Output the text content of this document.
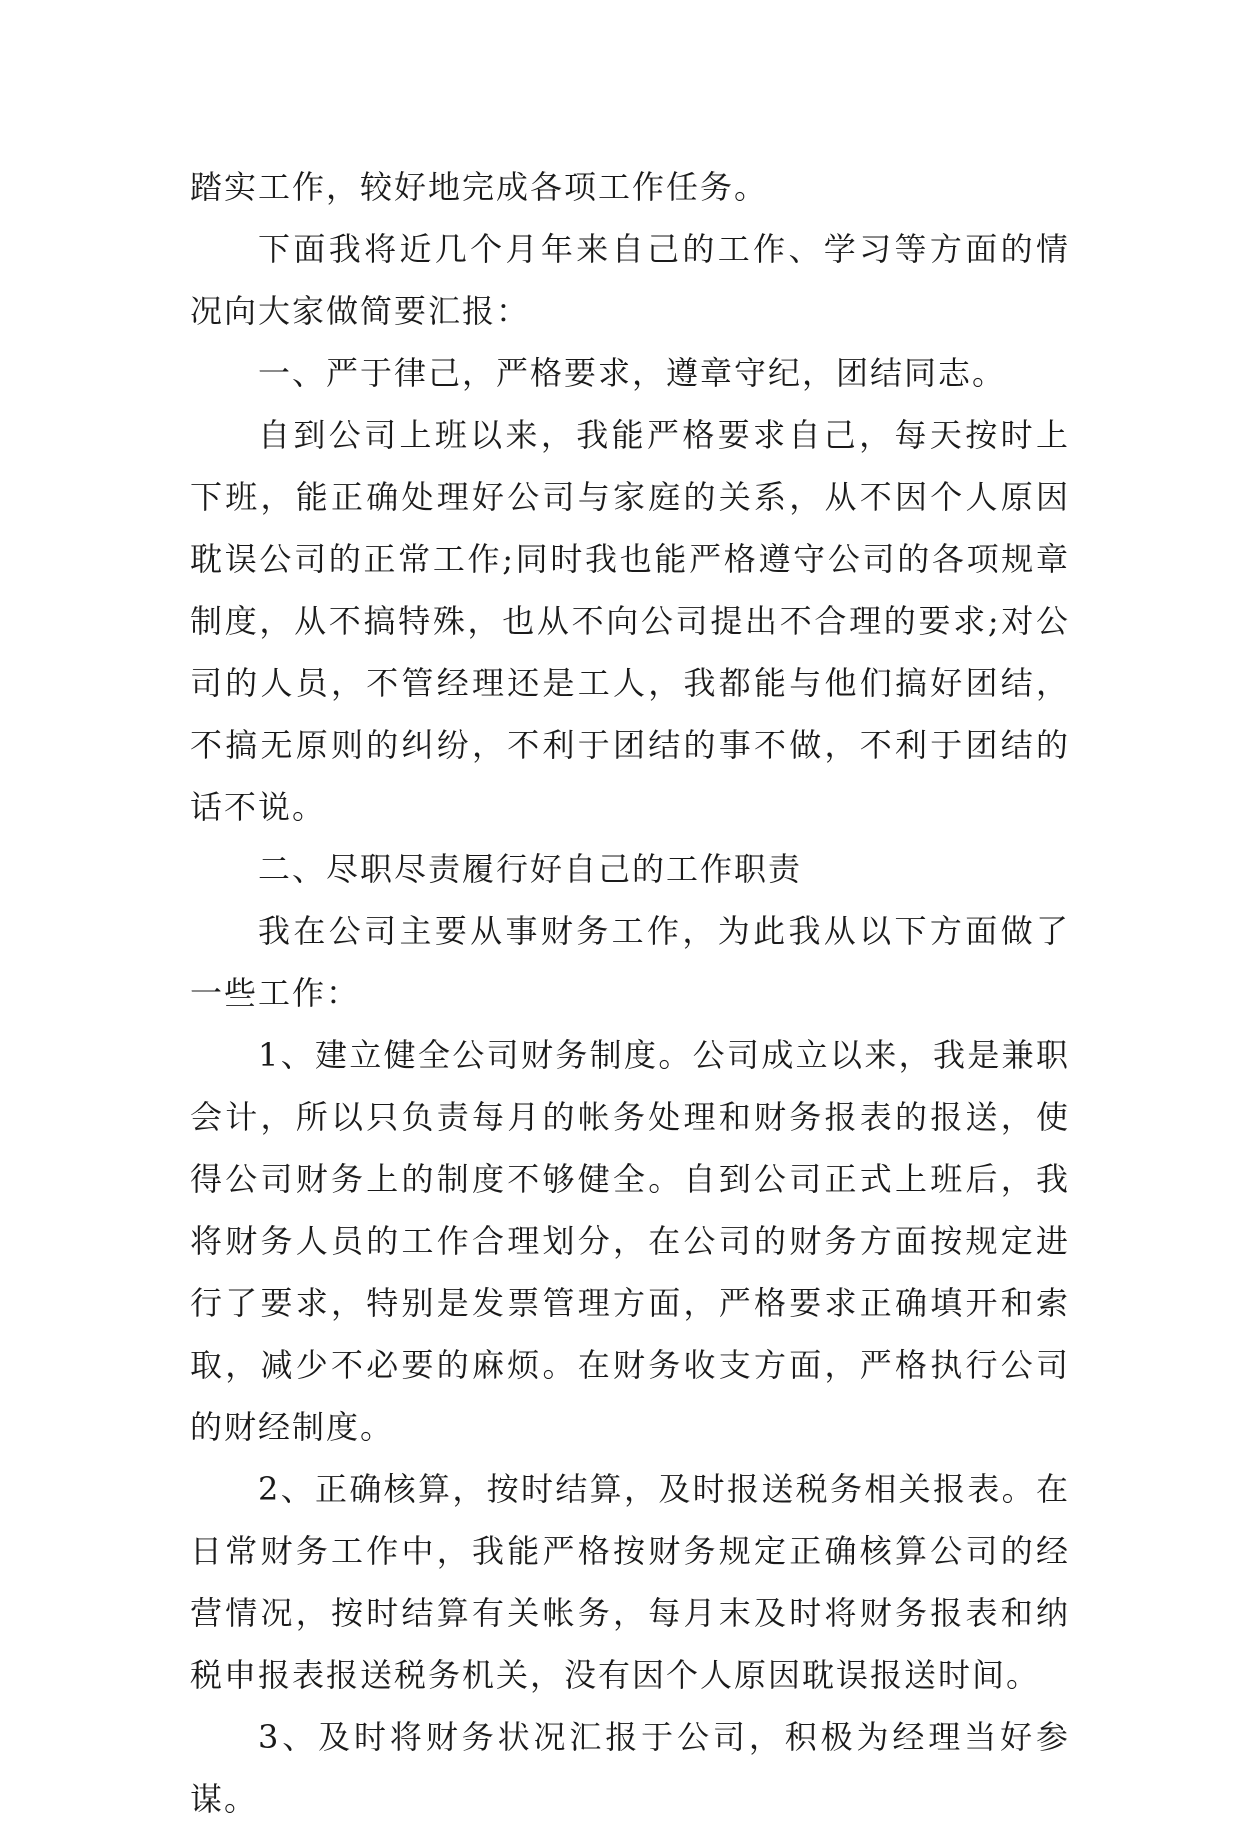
踏实工作，较好地完成各项工作任务。

下面我将近几个月年来自己的工作、学习等方面的情况向大家做简要汇报：

一、严于律己，严格要求，遵章守纪，团结同志。

自到公司上班以来，我能严格要求自己，每天按时上下班，能正确处理好公司与家庭的关系，从不因个人原因耽误公司的正常工作;同时我也能严格遵守公司的各项规章制度，从不搞特殊，也从不向公司提出不合理的要求;对公司的人员，不管经理还是工人，我都能与他们搞好团结，不搞无原则的纠纷，不利于团结的事不做，不利于团结的话不说。

二、尽职尽责履行好自己的工作职责

我在公司主要从事财务工作，为此我从以下方面做了一些工作：

1、建立健全公司财务制度。公司成立以来，我是兼职会计，所以只负责每月的帐务处理和财务报表的报送，使得公司财务上的制度不够健全。自到公司正式上班后，我将财务人员的工作合理划分，在公司的财务方面按规定进行了要求，特别是发票管理方面，严格要求正确填开和索取，减少不必要的麻烦。在财务收支方面，严格执行公司的财经制度。

2、正确核算，按时结算，及时报送税务相关报表。在日常财务工作中，我能严格按财务规定正确核算公司的经营情况，按时结算有关帐务，每月末及时将财务报表和纳税申报表报送税务机关，没有因个人原因耽误报送时间。

3、及时将财务状况汇报于公司，积极为经理当好参谋。
